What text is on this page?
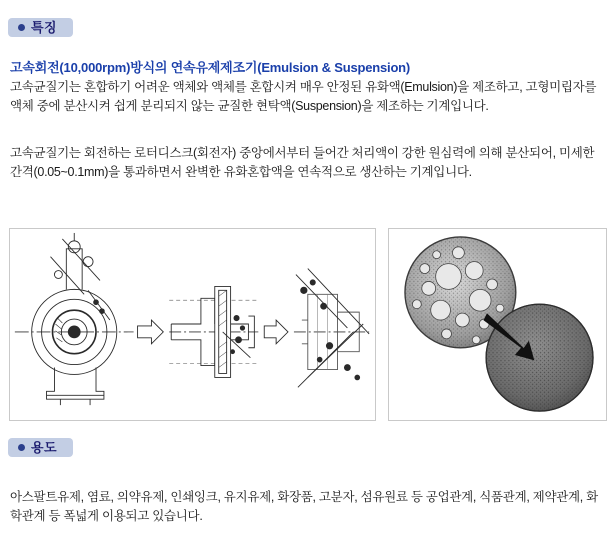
특징
고속회전(10,000rpm)방식의 연속유제제조기(Emulsion & Suspension)
고속균질기는 혼합하기 어려운 액체와 액체를 혼합시켜 매우 안정된 유화액(Emulsion)을 제조하고, 고형미립자를 액체 중에 분산시켜 쉽게 분리되지 않는 균질한 현탁액(Suspension)을 제조하는 기계입니다.
고속균질기는 회전하는 로터디스크(회전자) 중앙에서부터 들어간 처리액이 강한 원심력에 의해 분산되어, 미세한 간격(0.05~0.1mm)을 통과하면서 완벽한 유화혼합액을 연속적으로 생산하는 기계입니다.
용도
아스팔트유제, 염료, 의약유제, 인쇄잉크, 유지유제, 화장품, 고분자, 섬유원료 등 공업관계, 식품관계, 제약관계, 화학관계 등 폭넓게 이용되고 있습니다.
